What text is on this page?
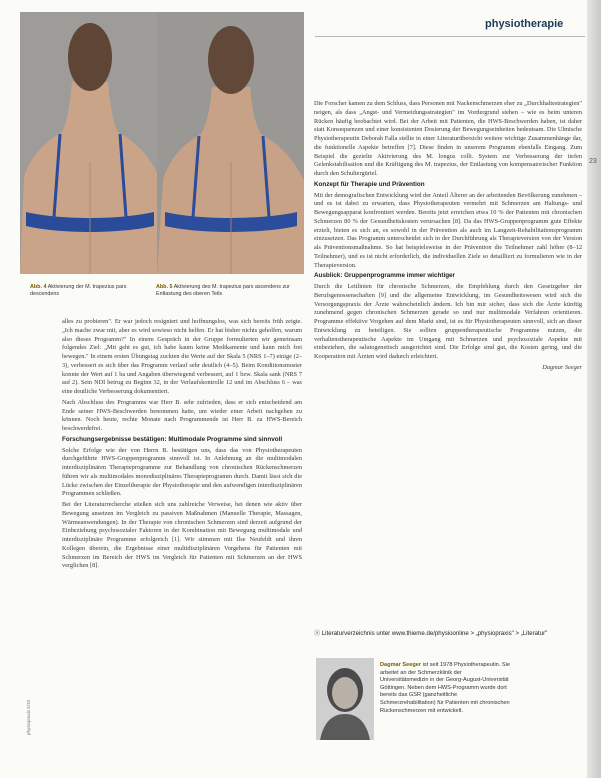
23
physiotherapie
Abb. 4 Aktivierung der M. trapezius pars descendens
Abb. 5 Aktivierung des M. trapezius pars ascendens zur Entlastung des oberen Teils

alles zu probieren". Er war jedoch resigniert und hoffnungslos, was sich bereits früh zeigte. „Ich mache zwar mit, aber es wird sowieso nicht helfen. Er hat bisher nichts geholfen, warum also dieses Programm?" In einem Gespräch in der Gruppe formulierten wir gemeinsam folgendes Ziel: „Mit geht es gut, ich habe kaum keine Medikamente und kann mich frei bewegen." In einem ersten Übungstag zuckten die Werte auf der Skala 5 (NRS 1–7) einige (2–3), verbessert es sich über das Programm verlauf sehr deutlich (4–5). Beim Konditionsmuster konnte der Wert auf 1 ba und Angaben überwiegend verbessert, auf 1 bzw. Skala sank (NRS 7 auf 2). Sein NDI betrug zu Beginn 32, in der Verlaufskontrolle 12 und im Abschluss 6 – was eine deutliche Verbesserung dokumentiert.

Nach Abschluss des Programms war Herr B. sehr zufrieden, dass er sich entscheidend am Ende seiner HWS-Beschwerden benommen hatte, um wieder einer Arbeit nachgehen zu können. Noch heute, rechte Monate nach Programmende ist Herr B. zu HWS-Bereich beschwerdefrei.

Forschungsergebnisse bestätigen: Multimodale Programme sind sinnvoll

Solche Erfolge wie der von Herrn B. bestätigen uns, dass das von Physiotherapeuten durchgeführte HWS-Gruppenprogramm sinnvoll ist. In Anlehnung an die multimodalen interdisziplinären Therapieprogramme zur Behandlung von chronischen Rückenschmerzen führen wir als multimodales monodisziplinäres Therapieprogramm durch. Damit lässt sich die Lücke zwischen der Einzeltherapie der Physiotherapie und den aufwendigen interdisziplinären Programmen schließen.

Bei der Literaturrecherche stießen sich uns zahlreiche Verweise, bei denen wie aktiv über Bewegung ansetzen im Vergleich zu passiven Maßnahmen (Manuelle Therapie, Massagen, Wärmeanwendungen). In der Therapie von chronischen Schmerzen sind derzeit aufgrund der Einbeziehung psychosozialer Faktoren in der Kombination mit Bewegung multimodale und interdisziplinäre Programme erfolgreich [1]. Wir stimmen mit Ilse Neufeldt und ihren Kollegen überein, die Ergebnisse einer multidisziplinären Vorgehens für Patienten mit Schmerzen im Bereich der HWS im Vergleich für Patienten mit Schmerzen an der HWS verglichen [8].

Die Forscher kamen zu dem Schluss, dass Personen mit Nackenschmerzen eher zu „Durchhaltestrategien" neigen, als dass „Angst- und Vermeidungsstrategien" im Vordergrund stehen – wie es beim unteren Rücken häufig beobachtet wird. Bei der Arbeit mit Patienten, die HWS-Beschwerden haben, ist daher statt Konsequenzen und einer konsistenten Dosierung der Bewegungseinheiten bedeutsam. Die Ulmische Physiotherapeutin Deborah Falla stellte in einer Literaturübersicht weitere wichtige Zusammenhänge dar, die funktionelle Aspekte betreffen [7]. Diese finden in unserem Programm ebenfalls Eingang. Zum Beispiel die gezielte Aktivierung des M. longus colli. System zur Verbesserung der tiefen Gelenkstabilisation und die Kräftigung des M. trapezius, der Entlastung von kompensatorischer Funktion durch den Schultergürtel.

Konzept für Therapie und Prävention

Mit der demografischen Entwicklung wird der Anteil Älterer an der arbeitenden Bevölkerung zunehmen – und es ist dabei zu erwarten, dass Physiotherapeuten vermehrt mit Schmerzen am Haltungs- und Bewegungsapparat konfrontiert werden. Bereits jetzt erreichen etwa 10 % der Patienten mit chronischen Schmerzen 80 % der Gesundheitskosten verursachen [8]. Da das HWS-Gruppenprogramm gute Effekte erzielt, bieten es sich an, es sowohl in der Prävention als auch im Langzeit-Rehabilitationsprogramm einzusetzen. Das Programm unterscheidet sich in der Durchführung als Therapieversion von der Version als Präventionsmaßnahme. So hat beispielsweise in der Prävention die Teilnehmer zahl höher (8–12 Teilnehmer), und es ist nicht erforderlich, die individuellen Ziele so detailliert zu formulieren wie in der Therapieversion.

Ausblick: Gruppenprogramme immer wichtiger

Durch die Leitlinien für chronische Schmerzen, die Empfehlung durch den Gesetzgeber der Berufsgenossenschaften [9] und die allgemeine Entwicklung, im Gesundheitswesen wird sich die Versorgungspraxis der Ärzte wahrscheinlich ändern. Ich bin mir sicher, dass sich die Ärzte künftig zunehmend gegen chronischen Schmerzen gerade so und nur multimodale Verfahren orientieren. Programme effektive Vorgehen auf dem Markt sind, ist es für Physiotherapeuten sinnvoll, sich an dieser Entwicklung zu beteiligen. Sie sollten gruppentherapeutische Programme nutzen, die verhaltenstherapeutische Aspekte im Umgang mit Schmerzen und psychosoziale Aspekte mit einbeziehen, die salutogenetisch ausgerichtet sind. Die Erfolge sind gut, die Kosten gering, und die Kooperation mit Ärzten wird dadurch erleichtert.

Dagmar Seeger

Ⓢ Literaturverzeichnis unter www.thieme.de/physioonline > „physiopraxis" > „Literatur"
Dagmar Seeger ist seit 1978 Physiotherapeutin. Sie arbeitet an der Schmerzklinik der Universitätsmedizin in der Georg-August-Universität Göttingen. Neben dem HWS-Programm wurde dort bereits das GSR (ganzheitliche Schmerzrehabilitation) für Patienten mit chronischen Rückenschmerzen mit entwickelt.
physiopraxis 5/10
